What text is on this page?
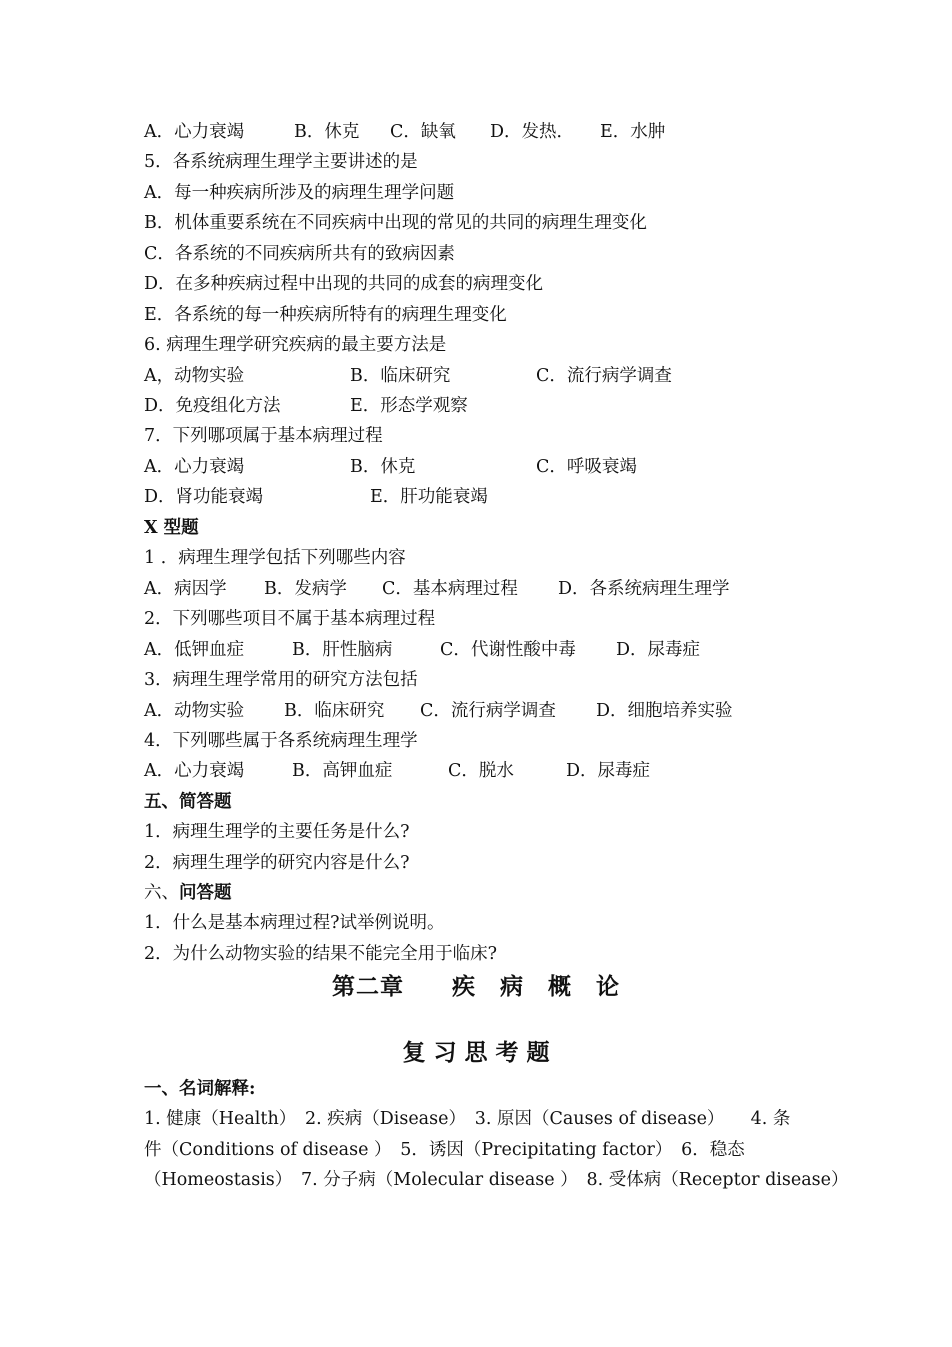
A．心力衰竭	B．休克 C．缺氧 D．发热． E．水肿
5．各系统病理生理学主要讲述的是
A．每一种疾病所涉及的病理生理学问题
B．机体重要系统在不同疾病中出现的常见的共同的病理生理变化
C．各系统的不同疾病所共有的致病因素
D．在多种疾病过程中出现的共同的成套的病理变化
E．各系统的每一种疾病所特有的病理生理变化
6. 病理生理学研究疾病的最主要方法是
A，动物实验	B．临床研究	C．流行病学调查
D．免疫组化方法	E．形态学观察
7．下列哪项属于基本病理过程
A．心力衰竭	B．休克	C．呼吸衰竭
D．肾功能衰竭	E．肝功能衰竭
X 型题
1 ．病理生理学包括下列哪些内容
A．病因学 B．发病学 C．基本病理过程 D．各系统病理生理学
2．下列哪些项目不属于基本病理过程
A．低钾血症	B．肝性脑病	C．代谢性酸中毒 D．尿毒症
3．病理生理学常用的研究方法包括
A．动物实验 B．临床研究 C．流行病学调查 D．细胞培养实验
4．下列哪些属于各系统病理生理学
A．心力衰竭	B．高钾血症	C．脱水	D．尿毒症
五、简答题
1．病理生理学的主要任务是什么?
2．病理生理学的研究内容是什么?
六、问答题
1．什么是基本病理过程?试举例说明。
2．为什么动物实验的结果不能完全用于临床?
第二章　　疾　病　概　论
复 习 思 考 题
一、名词解释:
1. 健康（Health）　2. 疾病（Disease）　3. 原因（Causes of disease）　　4. 条
件（Conditions of disease ）　5．诱因（Precipitating factor）　6．稳态
（Homeostasis）　7. 分子病（Molecular disease ）　8. 受体病（Receptor disease）
